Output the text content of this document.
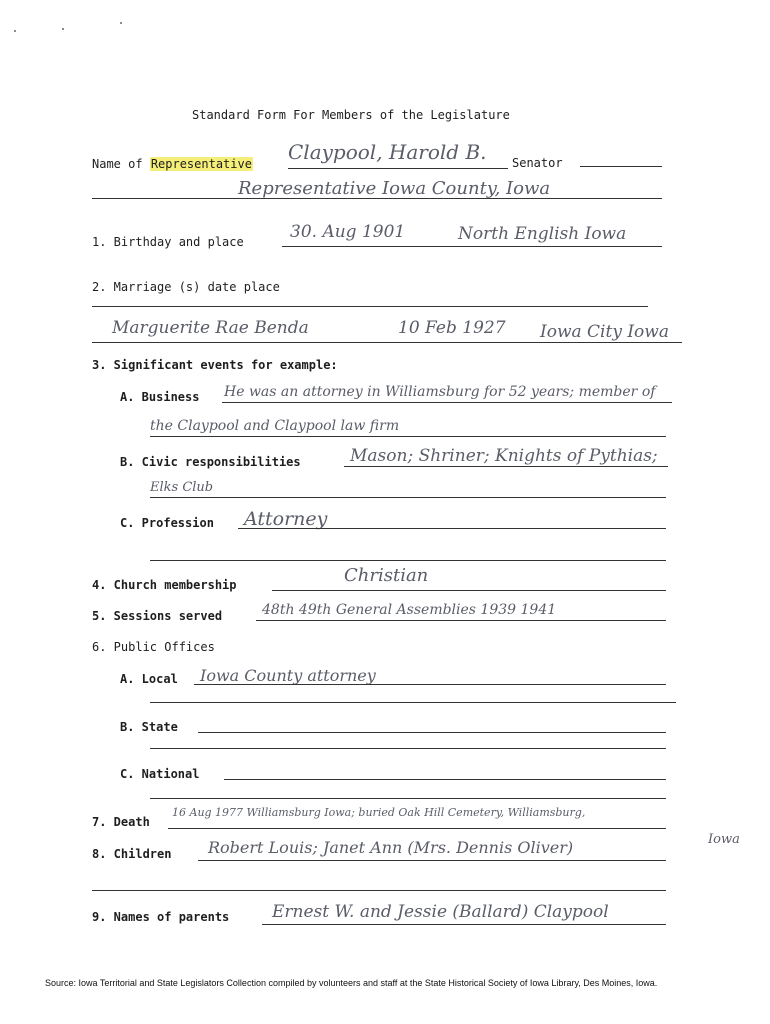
Standard Form For Members of the Legislature
Name of Representative Claypool, Harold B. Senator
Representative Iowa County, Iowa
1. Birthday and place	30. Aug 1901	North English Iowa
2. Marriage (s) date place
Marguerite Rae Benda	10 Feb 1927 Iowa City Iowa
3. Significant events for example:
A. Business He was an attorney in Williamsburg for 52 years; member of
the Claypool and Claypool law firm
B. Civic responsibilities	Mason; Shriner; Knights of Pythias;
Elks Club
C. Profession Attorney
4. Church membership	Christian
5. Sessions served	48th 49th General Assemblies 1939 1941
6. Public Offices
A. Local Iowa County attorney
B. State
C. National
7. Death
16 Aug 1977 Williamsburg Iowa; buried Oak Hill Cemetery, Williamsburg,
Iowa
8. Children Robert Louis; Janet Ann (Mrs. Dennis Oliver)
9. Names of parents	Ernest W. and Jessie (Ballard) Claypool
Source: Iowa Territorial and State Legislators Collection compiled by volunteers and staff at the State Historical Society of Iowa Library, Des Moines, Iowa.
